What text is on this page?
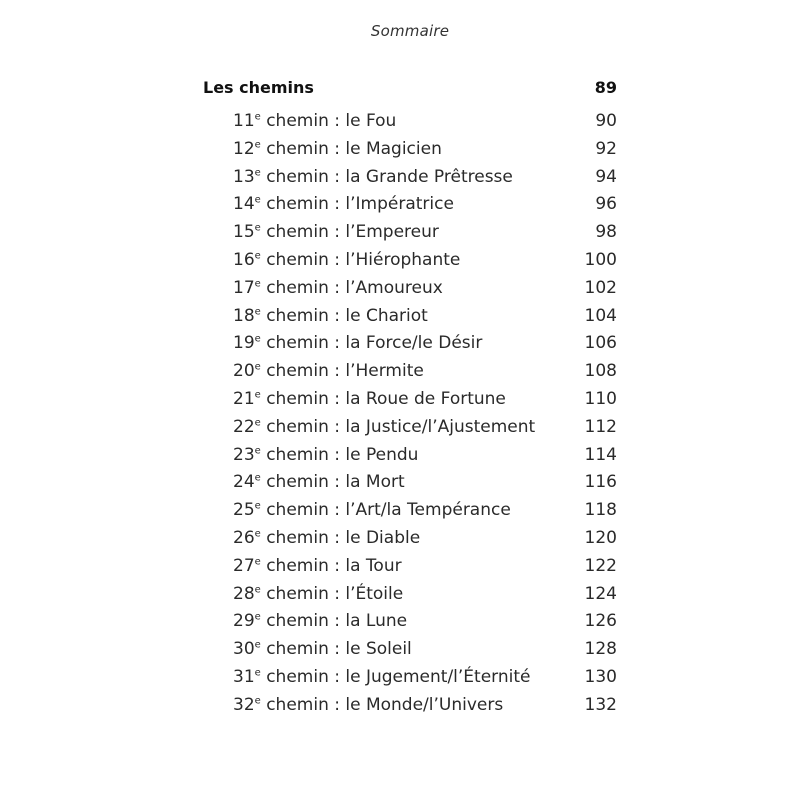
Sommaire
Les chemins	89
11e chemin : le Fou	90
12e chemin : le Magicien	92
13e chemin : la Grande Prêtresse	94
14e chemin : l’Impératrice	96
15e chemin : l’Empereur	98
16e chemin : l’Hiérophante	100
17e chemin : l’Amoureux	102
18e chemin : le Chariot	104
19e chemin : la Force/le Désir	106
20e chemin : l’Hermite	108
21e chemin : la Roue de Fortune	110
22e chemin : la Justice/l’Ajustement	112
23e chemin : le Pendu	114
24e chemin : la Mort	116
25e chemin : l’Art/la Tempérance	118
26e chemin : le Diable	120
27e chemin : la Tour	122
28e chemin : l’Étoile	124
29e chemin : la Lune	126
30e chemin : le Soleil	128
31e chemin : le Jugement/l’Éternité	130
32e chemin : le Monde/l’Univers	132
